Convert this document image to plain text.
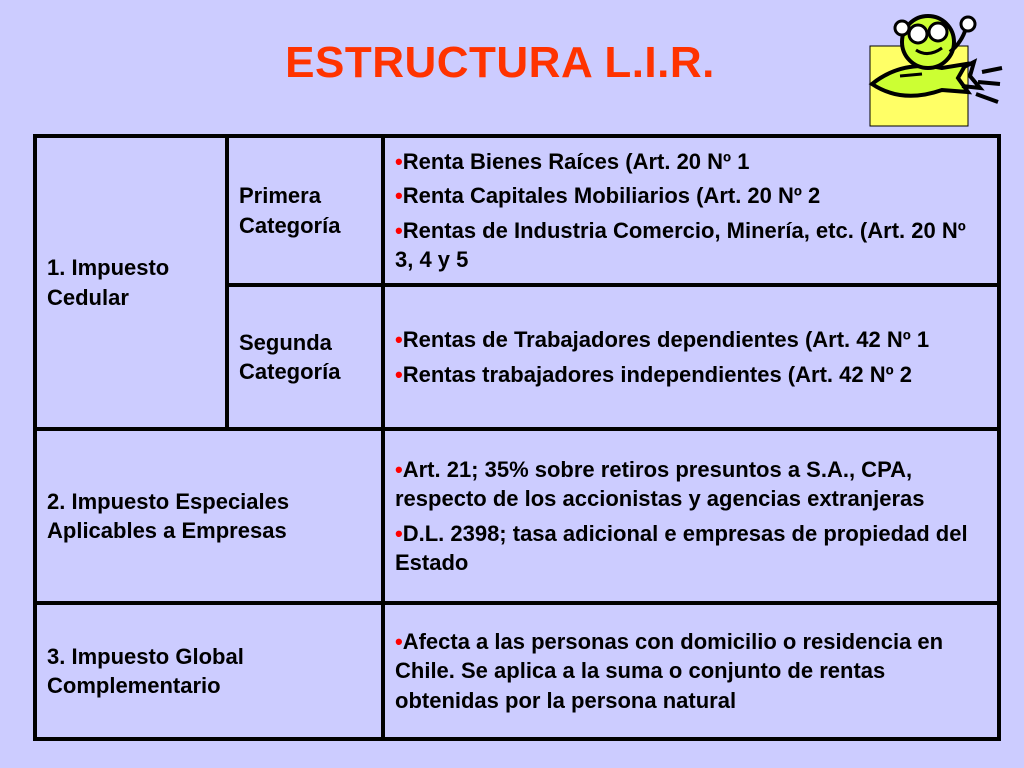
ESTRUCTURA L.I.R.
1. Impuesto Cedular	Primera Categoría	•Renta Bienes Raíces (Art. 20 Nº 1

•Renta Capitales Mobiliarios (Art. 20 Nº 2

•Rentas de Industria Comercio, Minería, etc. (Art. 20 Nº 3, 4 y 5

	Segunda Categoría	•Rentas de Trabajadores dependientes (Art. 42 Nº 1

•Rentas trabajadores independientes (Art. 42 Nº 2

2. Impuesto Especiales Aplicables a Empresas		•Art. 21; 35% sobre retiros presuntos a S.A., CPA, respecto de los accionistas y agencias extranjeras

•D.L. 2398; tasa adicional e empresas de propiedad del Estado

3. Impuesto Global Complementario		•Afecta a las personas con domicilio o residencia en Chile. Se aplica a la suma o conjunto de rentas obtenidas por la persona natural
